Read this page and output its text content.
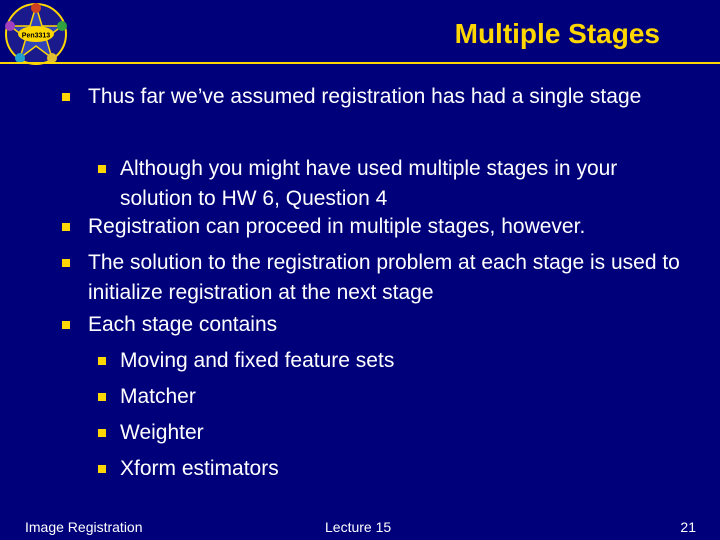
Pen3313	Multiple Stages
Thus far we’ve assumed registration has had a single stage
Although you might have used multiple stages in your solution to HW 6, Question 4
Registration can proceed in multiple stages, however.
The solution to the registration problem at each stage is used to initialize registration at the next stage
Each stage contains
Moving and fixed feature sets
Matcher
Weighter
Xform estimators
Image Registration	Lecture 15	21
